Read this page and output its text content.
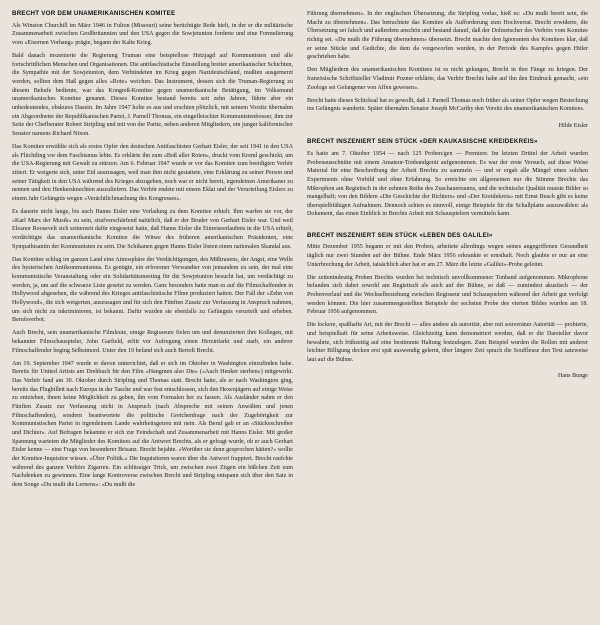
BRECHT VOR DEM UNAMERIKANISCHEN KOMITEE

Als Winston Churchill im März 1946 in Fulton (Missouri) seine berüchtigte Rede hielt, in der er die militärische Zusammenarbeit zwischen Großbritannien und den USA gegen die Sowjetunion forderte und eine Formulierung vom «Eisernen Vorhang» prägte, begann der Kalte Krieg.

Bald danach inszenierte die Regierung Truman eine beispiellose Hetzjagd auf Kommunisten und alle fortschrittlichen Menschen und Organisationen. Die antifaschistische Einstellung breiter amerikanischer Schichten, die Sympathie mit der Sowjetunion, dem Verbündeten im Krieg gegen Nazideutschland, mußten ausgemerzt werden, sollten dem Haß gegen alles «Rote» weichen. Das Instrument, dessen sich die Truman-Regierung zu diesem Behufe bediente, war das Kongreß-Komitee gegen unamerikanische Betätigung, im Volksmund unamerikanisches Komitee genannt. Dieses Komitee bestand bereits seit zehn Jahren, führte aber ein unbedeutendes, obskures Dasein. Im Jahre 1947 holte es aus und erschien plötzlich, mit seinem Vorsitz übernahm ein Abgeordneter der Republikanischen Partei, J. Parnell Thomas, ein eingefleischter Kommunistenfresser, ihm zur Seite der Chefberater Robert Stripling und mit von der Partie, neben anderen Mitgliedern, ein junger kalifornischer Senator namens Richard Nixon.

Das Komitee erwählte sich als erstes Opfer den deutschen Antifaschisten Gerhart Eisler, der seit 1941 in den USA als Flüchtling vor dem Faschismus lebte. Es erklärte ihn zum «Boß aller Roten», druckt vom Kreml geschickt, um die USA-Regierung mit Gewalt zu stürzen. Am 6. Februar 1947 wurde er vor das Komitee zum beeidigten Verhör zitiert. Er weigerte sich, unter Eid auszusagen, weil man ihm nicht gestattete, eine Erklärung zu seiner Person und seiner Tätigkeit in den USA während des Krieges abzugeben, noch war er nicht bereit, irgendeinen Amerikaner zu nennen und den Henkersknechten auszuliefern. Das Verhör endete mit einem Eklat und der Verurteilung Eislers zu einem Jahr Gefängnis wegen «Verächtlichmachung des Kongresses».

Es dauerte nicht lange, bis auch Hanns Eisler eine Vorladung zu dem Komitee erhielt. Ihm warfen sie vor, der «Karl Marx der Musik» zu sein, strafverschärfend natürlich, daß er der Bruder von Gerhart Eisler war. Und weil Eleanor Roosevelt sich seinerzeit dafür eingesetzt hatte, daß Hanns Eisler die Einreiseerlaubnis in die USA erhielt, verdächtigte das unamerikanische Komitee die Witwe des früheren amerikanischen Präsidenten, eine Sympathisantin der Kommunisten zu sein. Die Schikanen gegen Hanns Eisler lösten einen nationalen Skandal aus.

Das Komitee schlug im ganzen Land eine Atmosphäre der Verdächtigungen, des Mißtrauens, der Angst, eine Welle des hysterischen Antikommunismus. Es genügte, ein erfrorener Verwandter von jemandem zu sein, der mal eine kommunistische Veranstaltung oder ein Solidaritätsmeeting für die Sowjetunion besucht hat, um verdächtigt zu werden, ja, um auf die schwarze Liste gesetzt zu werden. Ganz besonders hatte man es auf die Filmschaffenden in Hollywood abgesehen, die während des Krieges antifaschistische Filme produziert hatten. Der Fall der «Zehn von Hollywood», die sich weigerten, auszusagen und für sich den Fünften Zusatz zur Verfassung in Anspruch nahmen, um sich nicht zu inkriminieren, ist bekannt. Dafür wurden sie ebenfalls zu Gefängnis verurteilt und erheben. Berufsverbot.

Auch Brecht, sein unamerikanische Filmleute, einige Regisseure fielen um und denunzierten ihre Kollegen, mit bekannter Filmschauspieler, John Garfield, erlitt vor Aufregung einen Herzinfarkt und starb, ein anderer Filmschaffender beging Selbstmord. Unter den 19 befand sich auch Bertolt Brecht.

Am 19. September 1947 wurde er davon unterrichtet, daß er sich im Oktober in Washington einzufinden habe. Bereits für United Artists am Drehbuch für den Film «Hangmen also Die» («Auch Henker sterben») mitgewirkt. Das Verhör fand am 30. Oktober durch Stripling und Thomas statt. Brecht hatte, als er nach Washington ging, bereits das Flugbillett nach Europa in der Tasche und war fest entschlossen, sich den Hexenjägern auf einige Weise zu entziehen, ihnen keine Möglichkeit zu geben, ihn vom Formalen her zu fassen. Als Ausländer nahm er den Fünften Zusatz zur Verfassung nicht in Anspruch (nach Abspreche mit seinen Anwälten und jenen Filmschaffenden), sondern beantwortete die politische Gretchenfrage nach der Zugehörigkeit zur Kommunistischen Partei in irgendeinem Lande wahrheitsgetreu mit nein. Als Beruf gab er an «Stückeschreiber und Dichter». Auf Befragen bekannte er sich zur Feindschaft und Zusammenarbeit mit Hanns Eisler. Mit großer Spannung warteten die Mitglieder des Komitees auf die Antwort Brechts, als er gefragt wurde, ob er auch Gerhart Eisler kenne — eine Frage von besonderer Brisanz. Brecht bejahte. «Worüber sie denn gesprochen hätten?» wollte der Komitee-Inquisitor wissen. «Über Politik.» Die Inquisitoren waren über die Antwort frappiert. Brecht raufchte während des ganzen Verhörs Zigarren. Ein schlüssiger Trick, um zwischen zwei Zügen ein bißchen Zeit zum Nachdenken zu gewinnen. Eine lange Kontroverse zwischen Brecht und Stripling entspann sich über den Satz in dem Songe «Du mußt die Lernens»: «Du mußt die

Führung übernehmen». In der englischen Übersetzung, die Stripling vorlas, hieß es: «Du mußt bereit sein, die Macht zu übernehmen». Das betrachtete das Komitee als Aufforderung zum Hochverrat. Brecht erwiderte, die Übersetzung sei falsch und außerdem anschön und bestand darauf, daß der Dolmetscher des Verhörs vom Komitee richtig sei. «Du mußt die Führung übernehmen» übersetzt. Brecht machte den Ignoranten des Komitees klar, daß er seine Stücke und Gedichte, die dem da vorgeworfen wurden, in der Periode des Kampfes gegen Hitler geschrieben habe.

Den Mitgliedern des unamerikanischen Komitees ist es nicht gelungen, Brecht in ihre Fänge zu kriegen. Der französische Schriftsteller Vladimir Pozner erklärte, das Verhör Brechts habe auf ihn den Eindruck gemacht, «ein Zoologe sei Gefangener von Affen gewesen».

Brecht hatte dieses Schicksal hat es gewollt, daß J. Parnell Thomas noch früher als seiner Opfer wegen Bestechung ins Gefängnis wanderte. Später übernahm Senator Joseph McCarthy den Vorsitz des unamerikanischen Komitees.

Hilde Eisler

BRECHT INSZENIERT SEIN STÜCK «DER KAUKASISCHE KREIDEKREIS»

Es hatte am 7. Oktober 1954 — nach 125 Proben/gen — Premiere. Im letzten Drittel der Arbeit wurden Probenausschnitte mit einem Amateur-Tonbandgerät aufgenommen. Es war der erste Versuch, auf diese Weise Material für eine Beschreibung der Arbeit Brechts zu sammeln — und er ergab alle Mängel eines solchen Experiments ohne Vorbild und ohne Erfahrung. So erreichte ein allgemeinen nur die Stimme Brechts das Mikrophon am Regietisch in der zehnten Reihe des Zuschauerraums, und die technische Qualität musste Bilder so mangelhaft; von den Bildern «Die Geschichte der Richters» und «Der Kreidekreis» mit Ernst Busch gibt es keine überspielbfähigen Aufnahmen. Dennoch schien es sinnvoll, einige Beispiele für die Schallplatte auszuwählen: als Dokument, das einen Einblick in Brechts Arbeit mit Schauspielern vermitteln kann.

BRECHT INSZENIERT SEIN STÜCK «LEBEN DES GALILEI»

Mitte Dezember 1955 begann er mit den Proben, arbeitete allerdings wegen seines angegriffenen Gesundheit täglich nur zwei Stunden auf der Bühne. Ende März 1956 erkrankte er ernsthaft. Noch glaubte er nur an eine Unterbrechung der Arbeit, tatsächlich aber hat er am 27. März die letzte «Galilei»-Probe geleitet.

Die zeitenindeutig Proben Brechts wurden bei technisch unvollkommener Tonband aufgenommen. Mikrophone befanden sich dabei sowohl am Regietisch als auch auf der Bühne, so daß — zumindest akustisch — der Probenverlauf und die Wechselbeziehung zwischen Regisseur und Schauspielern während der Arbeit gut verfolgt werden können. Die hier zusammengestellten Beispiele der sechsten Probe des vierten Bildes wurden am 18. Februar 1956 aufgenommen.

Die lockere, spaßhafte Art, mit der Brecht — alles andere als autoritär, aber mit souveräner Autorität — probierte, und beispielhaft für seine Arbeitsweise. Gleichzeitig kann demonstriert werden, daß er die Darsteller davor bewahrte, sich frühzeitig auf eine bestimmte Haltung festzulegen. Zum Beispiel wurden die Rollen mit anderer leichter Billigung decken erst spät auswendig gelernt, über längere Zeit sprach die Souffleuse den Text satzweise laut auf die Bühne.

Hans Bunge
